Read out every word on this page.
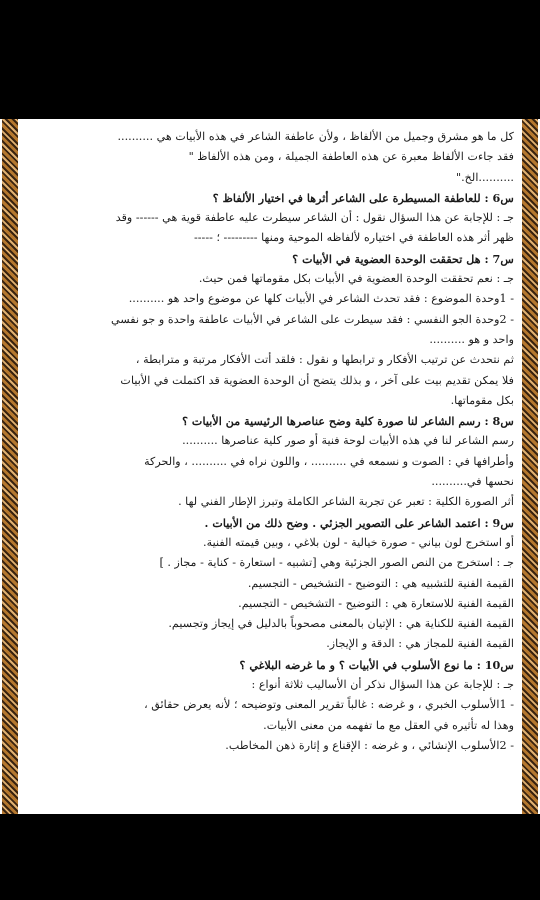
كل ما هو مشرق وجميل من الألفاظ ، ولأن عاطفة الشاعر في هذه الأبيات هي ..........
فقد جاءت الألفاظ معبرة عن هذه العاطفة الجميلة ، ومن هذه الألفاظ "
..........الخ."
س6 : للعاطفة المسيطرة على الشاعر أثرها في اختيار الألفاظ ؟
جـ : للإجابة عن هذا السؤال نقول : أن الشاعر سيطرت عليه عاطفة قوية هي ------ وقد
ظهر أثر هذه العاطفة في اختياره لألفاظه الموحية ومنها --------- ؛ -----
س7 : هل تحققت الوحدة العضوية في الأبيات ؟
جـ : نعم تحققت الوحدة العضوية في الأبيات بكل مقوماتها فمن حيث.
- 1وحدة الموضوع : فقد تحدث الشاعر في الأبيات كلها عن موضوع واحد هو ..........
- 2وحدة الجو النفسي : فقد سيطرت على الشاعر في الأبيات عاطفة واحدة و جو نفسي
واحد و هو ..........
ثم نتحدث عن ترتيب الأفكار و ترابطها و نقول : فلقد أتت الأفكار مرتبة و مترابطة ،
فلا يمكن تقديم بيت على آخر ، و بذلك يتضح أن الوحدة العضوية قد اكتملت في الأبيات
بكل مقوماتها.
س8 : رسم الشاعر لنا صورة كلية وضح عناصرها الرئيسية من الأبيات ؟
رسم الشاعر لنا في هذه الأبيات لوحة فنية أو صور كلية عناصرها ..........
وأطرافها في : الصوت و نسمعه في .......... ، واللون نراه في .......... ، والحركة
نحسها في..........
أثر الصورة الكلية : تعبر عن تجربة الشاعر الكاملة وتبرز الإطار الفني لها .
س9 : اعتمد الشاعر على التصوير الجزئي . وضح ذلك من الأبيات .
أو استخرج لون بياني - صورة خيالية - لون بلاغي ، وبين قيمته الفنية.
جـ : استخرج من النص الصور الجزئية وهي [تشبيه - استعارة - كناية - مجاز . ]
القيمة الفنية للتشبيه هي : التوضيح - التشخيص - التجسيم.
القيمة الفنية للاستعارة هي : التوضيح - التشخيص - التجسيم.
القيمة الفنية للكناية هي : الإتيان بالمعنى مصحوباً بالدليل في إيجاز وتجسيم.
القيمة الفنية للمجاز هي : الدقة و الإيجاز.
س10 : ما نوع الأسلوب في الأبيات ؟ و ما غرضه البلاغي ؟
جـ : للإجابة عن هذا السؤال نذكر أن الأساليب ثلاثة أنواع :
- 1الأسلوب الخبري ، و غرضه : غالباً تقرير المعنى وتوضيحه ؛ لأنه يعرض حقائق ،
وهذا له تأثيره في العقل مع ما تفهمه من معنى الأبيات.
- 2الأسلوب الإنشائي ، و غرضه : الإقناع و إثارة ذهن المخاطب.
